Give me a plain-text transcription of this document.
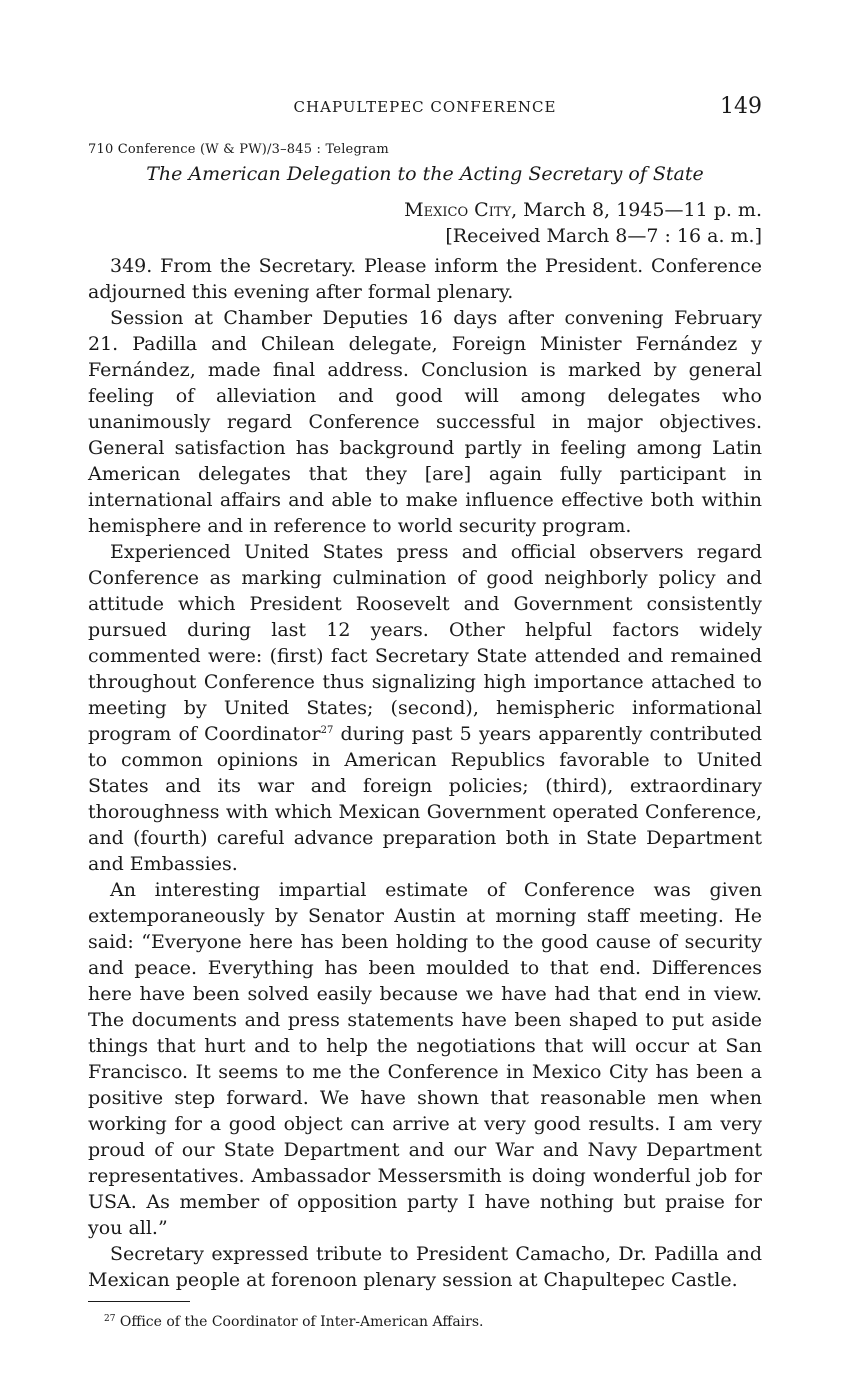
CHAPULTEPEC CONFERENCE	149
710 Conference (W & PW)/3–845 : Telegram
The American Delegation to the Acting Secretary of State
Mexico City, March 8, 1945—11 p. m.
[Received March 8—7 : 16 a. m.]

349. From the Secretary. Please inform the President. Conference adjourned this evening after formal plenary.

Session at Chamber Deputies 16 days after convening February 21. Padilla and Chilean delegate, Foreign Minister Fernández y Fernández, made final address. Conclusion is marked by general feeling of alleviation and good will among delegates who unanimously regard Conference successful in major objectives. General satisfaction has background partly in feeling among Latin American delegates that they [are] again fully participant in international affairs and able to make influence effective both within hemisphere and in reference to world security program.

Experienced United States press and official observers regard Conference as marking culmination of good neighborly policy and attitude which President Roosevelt and Government consistently pursued during last 12 years. Other helpful factors widely commented were: (first) fact Secretary State attended and remained throughout Conference thus signalizing high importance attached to meeting by United States; (second), hemispheric informational program of Coordinator$^{27}$ during past 5 years apparently contributed to common opinions in American Republics favorable to United States and its war and foreign policies; (third), extraordinary thoroughness with which Mexican Government operated Conference, and (fourth) careful advance preparation both in State Department and Embassies.

An interesting impartial estimate of Conference was given extemporaneously by Senator Austin at morning staff meeting. He said: “Everyone here has been holding to the good cause of security and peace. Everything has been moulded to that end. Differences here have been solved easily because we have had that end in view. The documents and press statements have been shaped to put aside things that hurt and to help the negotiations that will occur at San Francisco. It seems to me the Conference in Mexico City has been a positive step forward. We have shown that reasonable men when working for a good object can arrive at very good results. I am very proud of our State Department and our War and Navy Department representatives. Ambassador Messersmith is doing wonderful job for USA. As member of opposition party I have nothing but praise for you all.”

Secretary expressed tribute to President Camacho, Dr. Padilla and Mexican people at forenoon plenary session at Chapultepec Castle.

$^{27}$ Office of the Coordinator of Inter-American Affairs.
